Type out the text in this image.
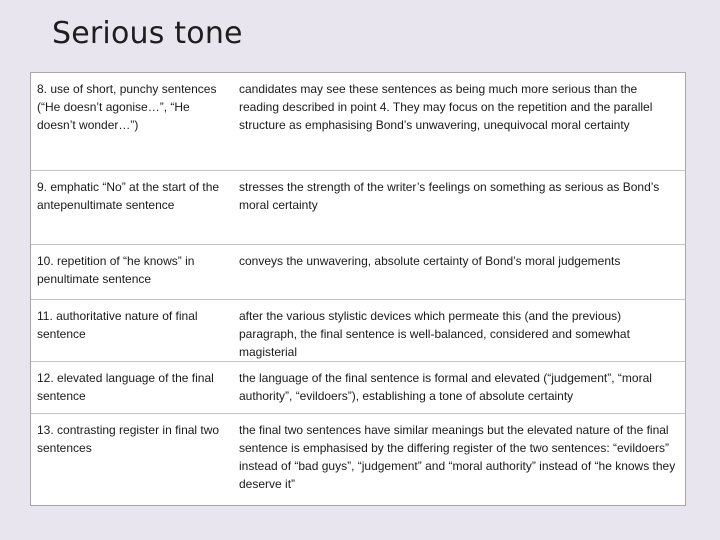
Serious tone
8. use of short, punchy sentences (“He doesn’t agonise…”, “He doesn’t wonder…”)	candidates may see these sentences as being much more serious than the reading described in point 4. They may focus on the repetition and the parallel structure as emphasising Bond’s unwavering, unequivocal moral certainty
9. emphatic “No” at the start of the antepenultimate sentence	stresses the strength of the writer’s feelings on something as serious as Bond’s moral certainty
10. repetition of “he knows” in penultimate sentence	conveys the unwavering, absolute certainty of Bond’s moral judgements
11. authoritative nature of final sentence	after the various stylistic devices which permeate this (and the previous) paragraph, the final sentence is well-balanced, considered and somewhat magisterial
12. elevated language of the final sentence	the language of the final sentence is formal and elevated (“judgement”, “moral authority”, “evildoers”), establishing a tone of absolute certainty
13. contrasting register in final two sentences	the final two sentences have similar meanings but the elevated nature of the final sentence is emphasised by the differing register of the two sentences: “evildoers” instead of “bad guys”, “judgement” and “moral authority” instead of “he knows they deserve it”
